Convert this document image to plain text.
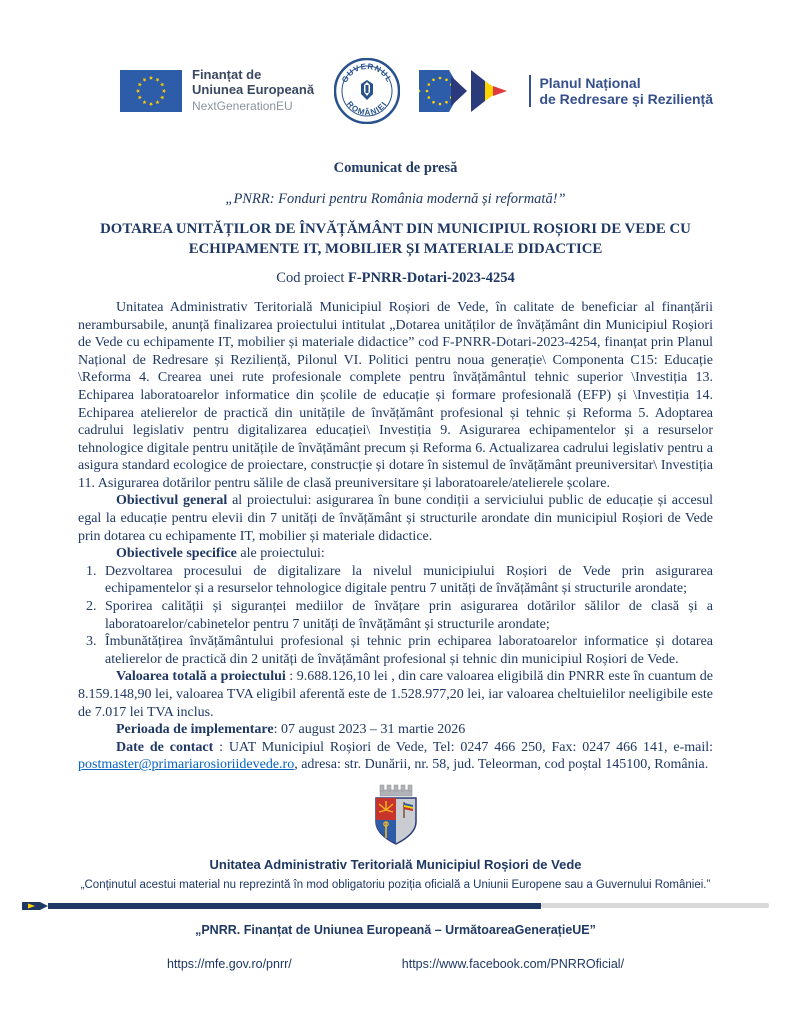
Finanțat de
Uniunea Europeană
NextGenerationEU
GUVERNUL
ROMÂNIEI
Planul Național
de Redresare și Reziliență

Comunicat de presă

„PNRR: Fonduri pentru România modernă și reformată!”

DOTAREA UNITĂȚILOR DE ÎNVĂȚĂMÂNT DIN MUNICIPIUL ROȘIORI DE VEDE CU ECHIPAMENTE IT, MOBILIER ȘI MATERIALE DIDACTICE

Cod proiect F-PNRR-Dotari-2023-4254

Unitatea Administrativ Teritorială Municipiul Roșiori de Vede, în calitate de beneficiar al finanțării nerambursabile, anunță finalizarea proiectului intitulat „Dotarea unităților de învățământ din Municipiul Roșiori de Vede cu echipamente IT, mobilier și materiale didactice” cod F-PNRR-Dotari-2023-4254, finanțat prin Planul Național de Redresare și Reziliență, Pilonul VI. Politici pentru noua generație\ Componenta C15: Educație \Reforma 4. Crearea unei rute profesionale complete pentru învățământul tehnic superior \Investiția 13. Echiparea laboratoarelor informatice din școlile de educație și formare profesională (EFP) și \Investiția 14. Echiparea atelierelor de practică din unitățile de învățământ profesional și tehnic și Reforma 5. Adoptarea cadrului legislativ pentru digitalizarea educației\ Investiția 9. Asigurarea echipamentelor și a resurselor tehnologice digitale pentru unitățile de învățământ precum și Reforma 6. Actualizarea cadrului legislativ pentru a asigura standard ecologice de proiectare, construcție și dotare în sistemul de învățământ preuniversitar\ Investiția 11. Asigurarea dotărilor pentru sălile de clasă preuniversitare și laboratoarele/atelierele școlare.

Obiectivul general al proiectului: asigurarea în bune condiții a serviciului public de educație și accesul egal la educație pentru elevii din 7 unități de învățământ și structurile arondate din municipiul Roșiori de Vede prin dotarea cu echipamente IT, mobilier și materiale didactice.

Obiectivele specifice ale proiectului:

1. Dezvoltarea procesului de digitalizare la nivelul municipiului Roșiori de Vede prin asigurarea echipamentelor și a resurselor tehnologice digitale pentru 7 unități de învățământ și structurile arondate;
2. Sporirea calității și siguranței mediilor de învățare prin asigurarea dotărilor sălilor de clasă și a laboratoarelor/cabinetelor pentru 7 unități de învățământ și structurile arondate;
3. Îmbunătățirea învățământului profesional și tehnic prin echiparea laboratoarelor informatice și dotarea atelierelor de practică din 2 unități de învățământ profesional și tehnic din municipiul Roșiori de Vede.

Valoarea totală a proiectului : 9.688.126,10 lei , din care valoarea eligibilă din PNRR este în cuantum de 8.159.148,90 lei, valoarea TVA eligibil aferentă este de 1.528.977,20 lei, iar valoarea cheltuielilor neeligibile este de 7.017 lei TVA inclus.

Perioada de implementare: 07 august 2023 – 31 martie 2026

Date de contact : UAT Municipiul Roșiori de Vede, Tel: 0247 466 250, Fax: 0247 466 141, e-mail: postmaster@primariarosioriidevede.ro, adresa: str. Dunării, nr. 58, jud. Teleorman, cod poștal 145100, România.

Unitatea Administrativ Teritorială Municipiul Roșiori de Vede

„Conținutul acestui material nu reprezintă în mod obligatoriu poziția oficială a Uniunii Europene sau a Guvernului României.”

„PNRR. Finanțat de Uniunea Europeană – UrmătoareaGenerațieUE”

https://mfe.gov.ro/pnrr/	https://www.facebook.com/PNRROficial/
